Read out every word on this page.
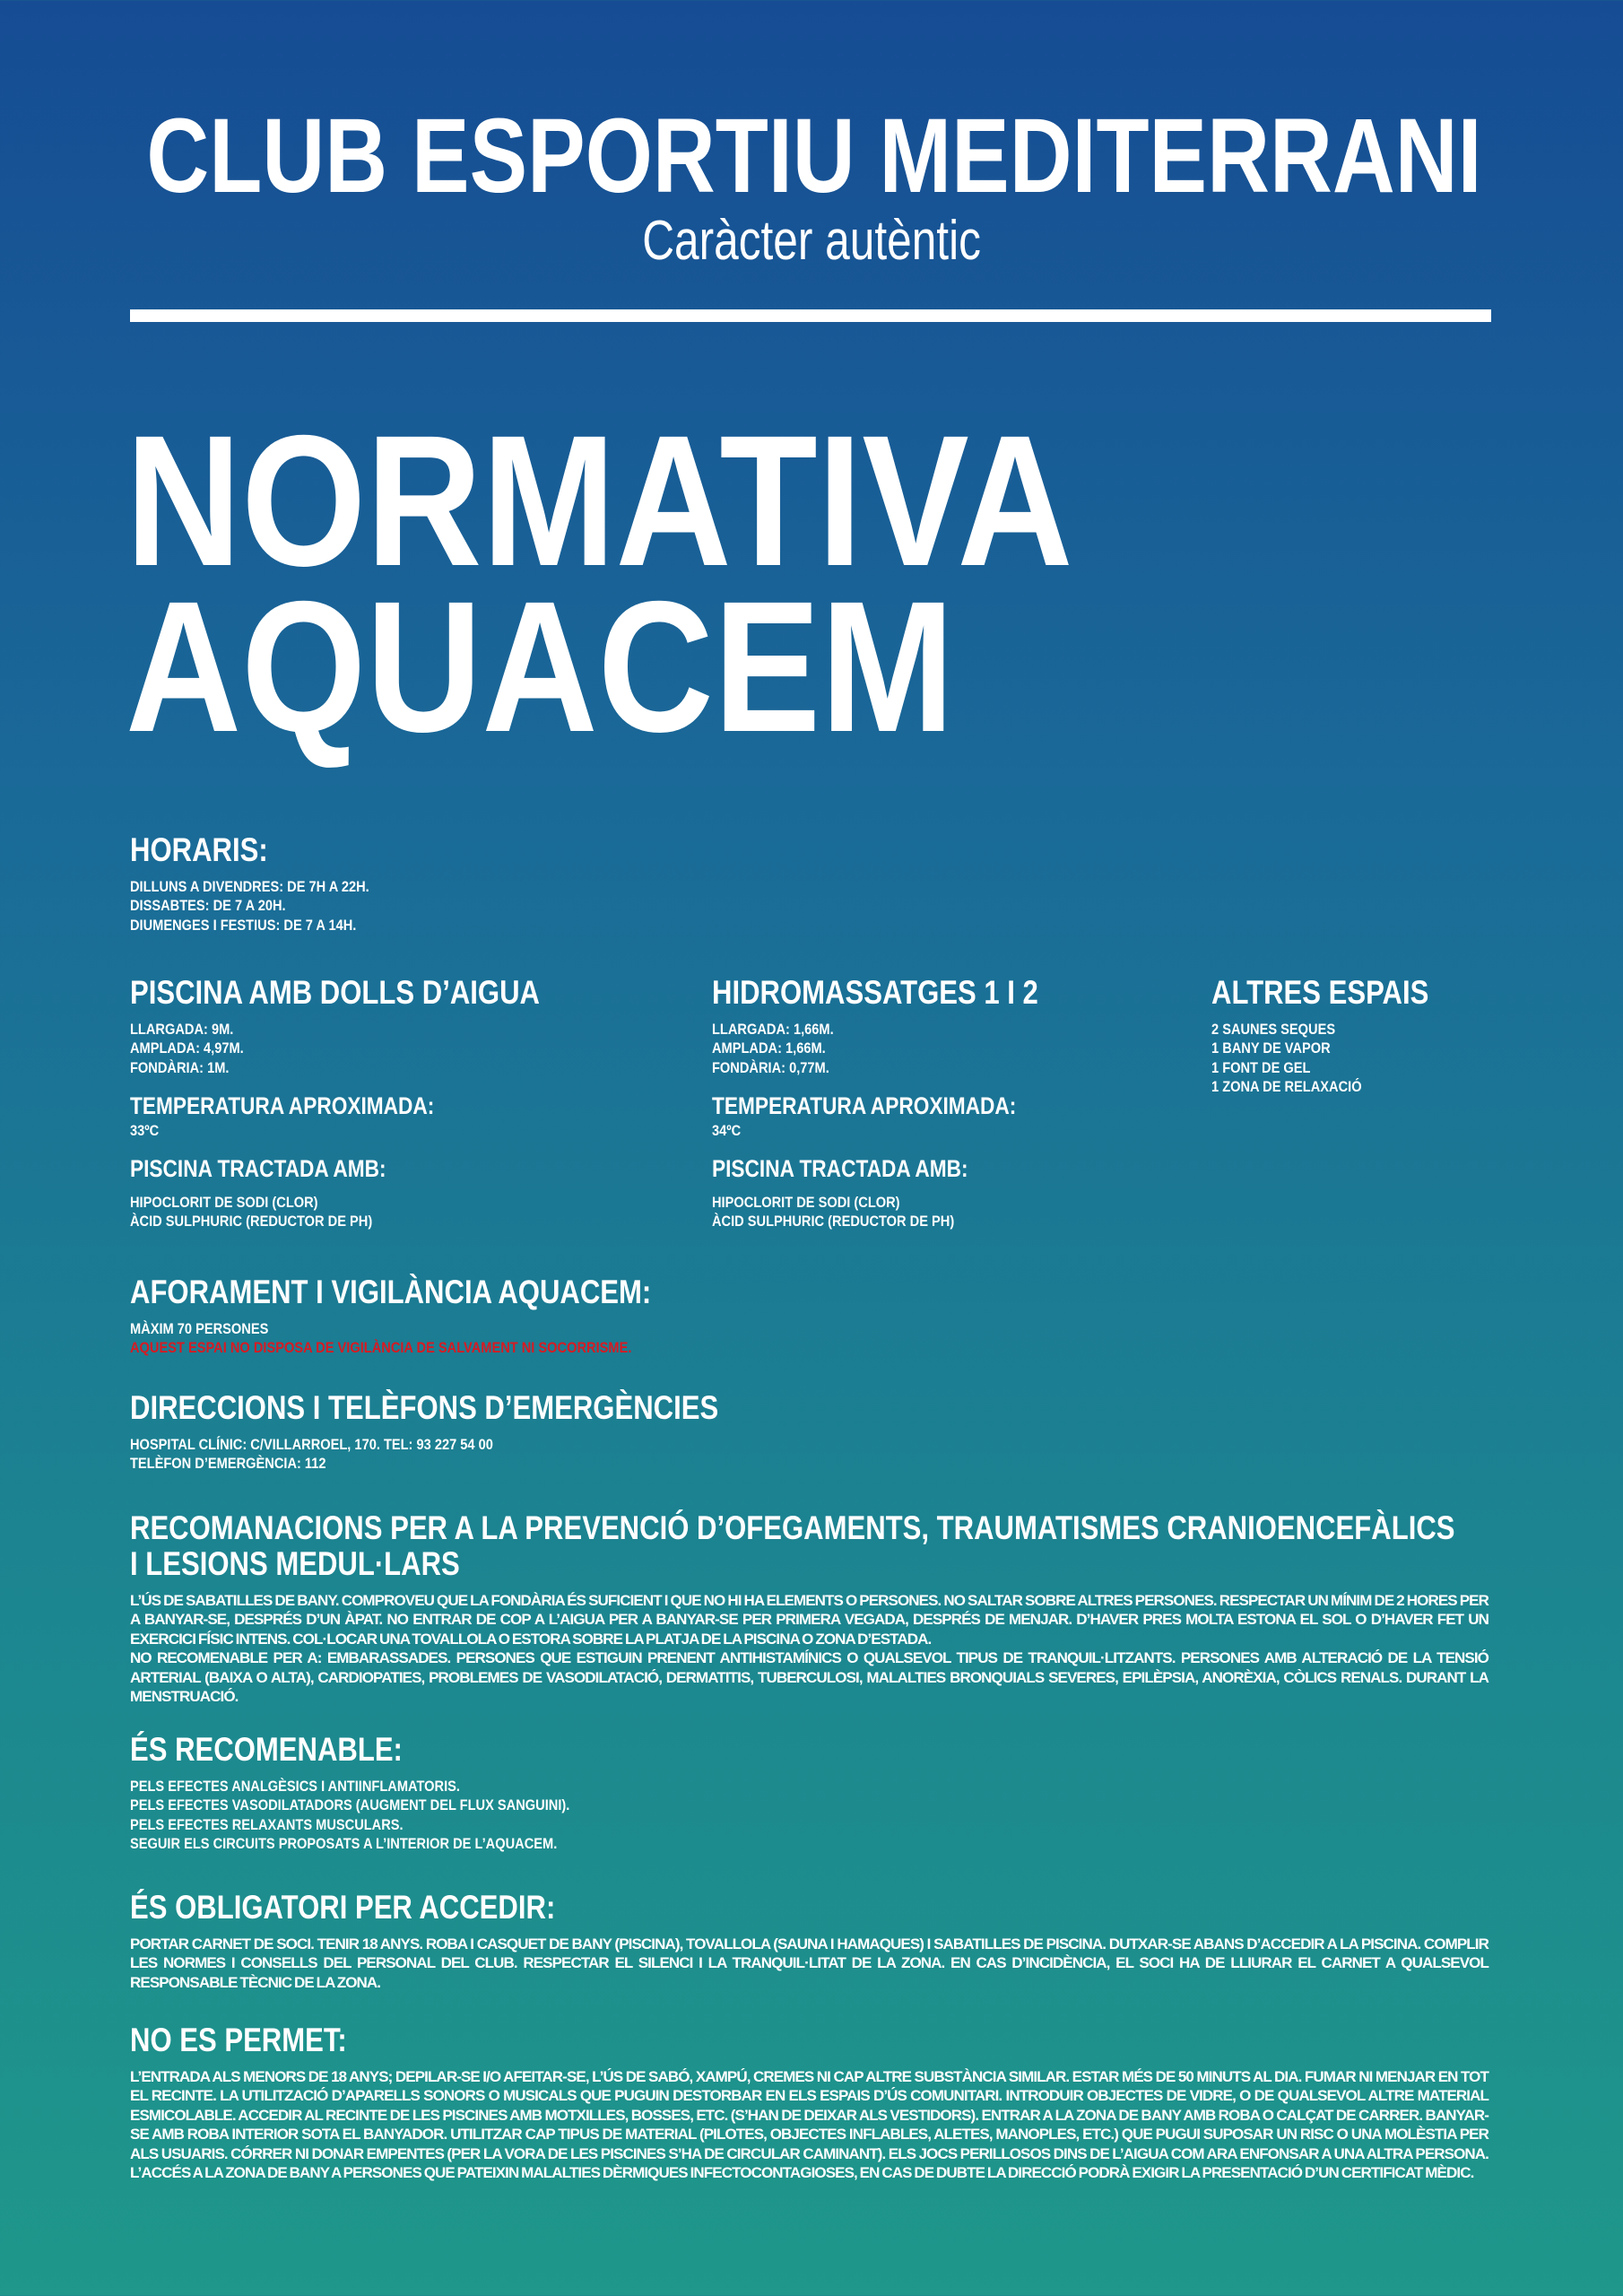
CLUB ESPORTIU MEDITERRANI
Caràcter autèntic
NORMATIVA
AQUACEM
HORARIS:
DILLUNS A DIVENDRES: DE 7H A 22H.
DISSABTES: DE 7 A 20H.
DIUMENGES I FESTIUS: DE 7 A 14H.
PISCINA AMB DOLLS D’AIGUA
LLARGADA: 9M.
AMPLADA: 4,97M.
FONDÀRIA: 1M.
TEMPERATURA APROXIMADA:
33ºC
PISCINA TRACTADA AMB:
HIPOCLORIT DE SODI (CLOR)
ÀCID SULPHURIC (REDUCTOR DE PH)
HIDROMASSATGES 1 I 2
LLARGADA: 1,66M.
AMPLADA: 1,66M.
FONDÀRIA: 0,77M.
TEMPERATURA APROXIMADA:
34ºC
PISCINA TRACTADA AMB:
HIPOCLORIT DE SODI (CLOR)
ÀCID SULPHURIC (REDUCTOR DE PH)
ALTRES ESPAIS
2 SAUNES SEQUES
1 BANY DE VAPOR
1 FONT DE GEL
1 ZONA DE RELAXACIÓ
AFORAMENT I VIGILÀNCIA AQUACEM:
MÀXIM 70 PERSONES
AQUEST ESPAI NO DISPOSA DE VIGILÀNCIA DE SALVAMENT NI SOCORRISME.
DIRECCIONS I TELÈFONS D’EMERGÈNCIES
HOSPITAL CLÍNIC: C/VILLARROEL, 170. TEL: 93 227 54 00
TELÈFON D’EMERGÈNCIA: 112
RECOMANACIONS PER A LA PREVENCIÓ D’OFEGAMENTS, TRAUMATISMES CRANIOENCEFÀLICS
I LESIONS MEDUL·LARS
L’ÚS DE SABATILLES DE BANY. COMPROVEU QUE LA FONDÀRIA ÉS SUFICIENT I QUE NO HI HA ELEMENTS O PERSONES. NO SALTAR SOBRE ALTRES PERSONES. RESPECTAR UN MÍNIM DE 2 HORES PER A BANYAR-SE, DESPRÉS D’UN ÀPAT. NO ENTRAR DE COP A L’AIGUA PER A BANYAR-SE PER PRIMERA VEGADA, DESPRÉS DE MENJAR. D’HAVER PRES MOLTA ESTONA EL SOL O D’HAVER FET UN EXERCICI FÍSIC INTENS. COL·LOCAR UNA TOVALLOLA O ESTORA SOBRE LA PLATJA DE LA PISCINA O ZONA D’ESTADA.
NO RECOMENABLE PER A: EMBARASSADES. PERSONES QUE ESTIGUIN PRENENT ANTIHISTAMÍNICS O QUALSEVOL TIPUS DE TRANQUIL·LITZANTS. PERSONES AMB ALTERACIÓ DE LA TENSIÓ ARTERIAL (BAIXA O ALTA), CARDIOPATIES, PROBLEMES DE VASODILATACIÓ, DERMATITIS, TUBERCULOSI, MALALTIES BRONQUIALS SEVERES, EPILÈPSIA, ANORÈXIA, CÒLICS RENALS. DURANT LA MENSTRUACIÓ.
ÉS RECOMENABLE:
PELS EFECTES ANALGÈSICS I ANTIINFLAMATORIS.
PELS EFECTES VASODILATADORS (AUGMENT DEL FLUX SANGUINI).
PELS EFECTES RELAXANTS MUSCULARS.
SEGUIR ELS CIRCUITS PROPOSATS A L’INTERIOR DE L’AQUACEM.
ÉS OBLIGATORI PER ACCEDIR:
PORTAR CARNET DE SOCI. TENIR 18 ANYS. ROBA I CASQUET DE BANY (PISCINA), TOVALLOLA (SAUNA I HAMAQUES) I SABATILLES DE PISCINA. DUTXAR-SE ABANS D’ACCEDIR A LA PISCINA. COMPLIR LES NORMES I CONSELLS DEL PERSONAL DEL CLUB. RESPECTAR EL SILENCI I LA TRANQUIL·LITAT DE LA ZONA. EN CAS D’INCIDÈNCIA, EL SOCI HA DE LLIURAR EL CARNET A QUALSEVOL RESPONSABLE TÈCNIC DE LA ZONA.
NO ES PERMET:
L’ENTRADA ALS MENORS DE 18 ANYS; DEPILAR-SE I/O AFEITAR-SE, L’ÚS DE SABÓ, XAMPÚ, CREMES NI CAP ALTRE SUBSTÀNCIA SIMILAR. ESTAR MÉS DE 50 MINUTS AL DIA. FUMAR NI MENJAR EN TOT EL RECINTE. LA UTILITZACIÓ D’APARELLS SONORS O MUSICALS QUE PUGUIN DESTORBAR EN ELS ESPAIS D’ÚS COMUNITARI. INTRODUIR OBJECTES DE VIDRE, O DE QUALSEVOL ALTRE MATERIAL ESMICOLABLE. ACCEDIR AL RECINTE DE LES PISCINES AMB MOTXILLES, BOSSES, ETC. (S’HAN DE DEIXAR ALS VESTIDORS). ENTRAR A LA ZONA DE BANY AMB ROBA O CALÇAT DE CARRER. BANYAR-SE AMB ROBA INTERIOR SOTA EL BANYADOR. UTILITZAR CAP TIPUS DE MATERIAL (PILOTES, OBJECTES INFLABLES, ALETES, MANOPLES, ETC.) QUE PUGUI SUPOSAR UN RISC O UNA MOLÈSTIA PER ALS USUARIS. CÓRRER NI DONAR EMPENTES (PER LA VORA DE LES PISCINES S’HA DE CIRCULAR CAMINANT). ELS JOCS PERILLOSOS DINS DE L’AIGUA COM ARA ENFONSAR A UNA ALTRA PERSONA. L’ACCÉS A LA ZONA DE BANY A PERSONES QUE PATEIXIN MALALTIES DÈRMIQUES INFECTOCONTAGIOSES, EN CAS DE DUBTE LA DIRECCIÓ PODRÀ EXIGIR LA PRESENTACIÓ D’UN CERTIFICAT MÈDIC.
